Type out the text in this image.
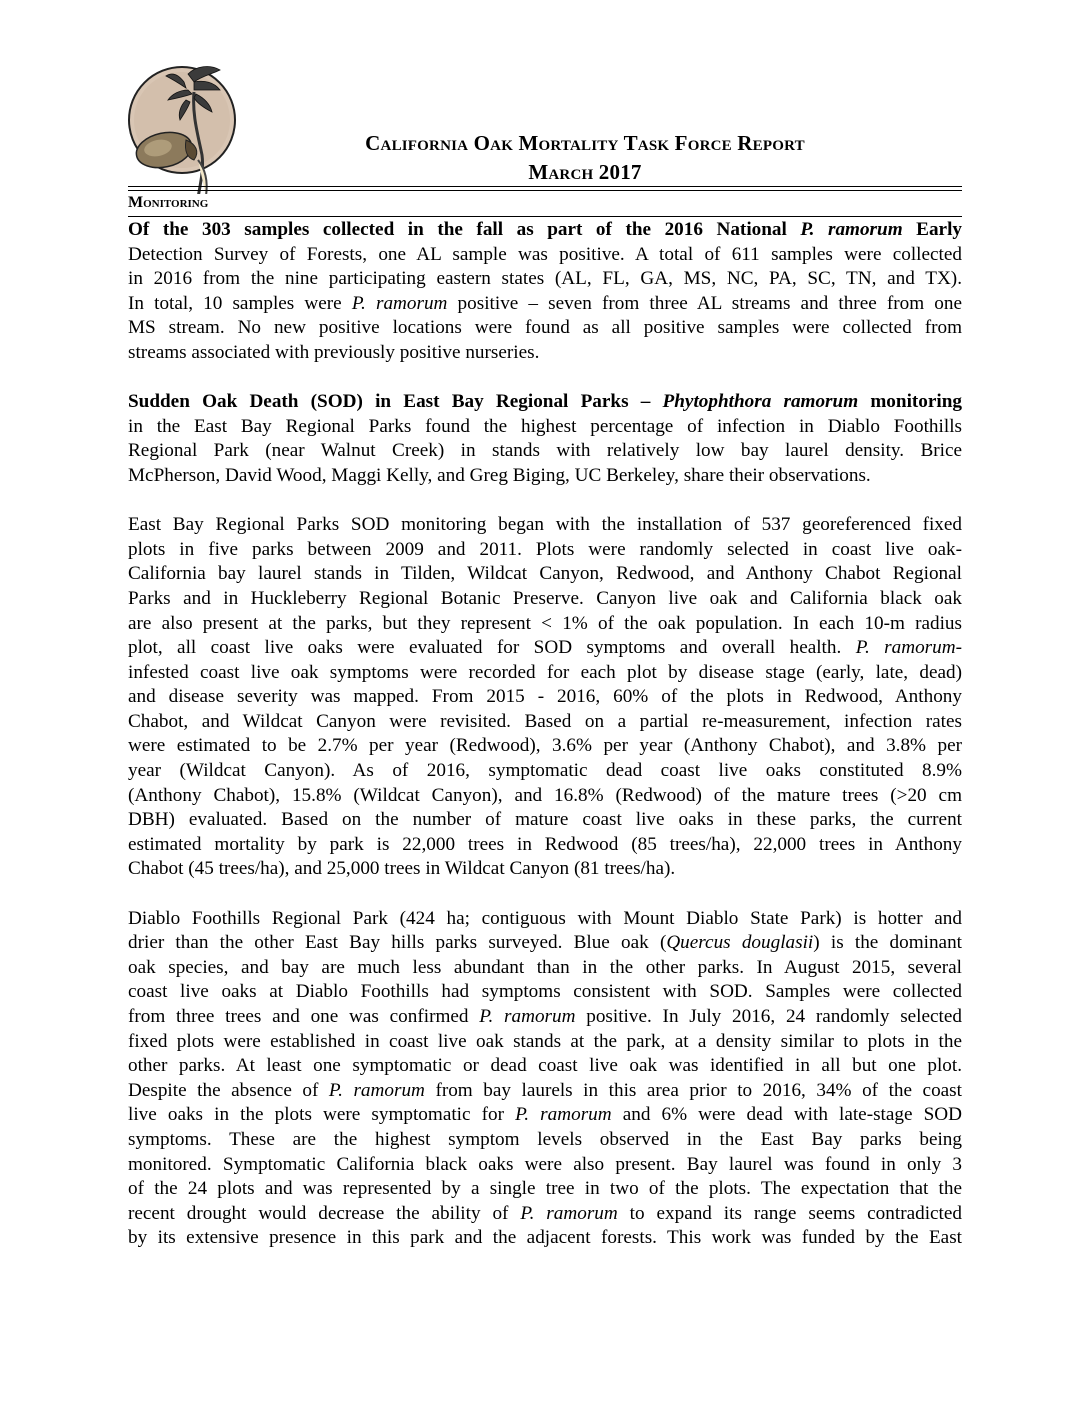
California Oak Mortality Task Force Report
March 2017
Monitoring
Of the 303 samples collected in the fall as part of the 2016 National P. ramorum Early
Detection Survey of Forests, one AL sample was positive. A total of 611 samples were collected
in 2016 from the nine participating eastern states (AL, FL, GA, MS, NC, PA, SC, TN, and TX).
In total, 10 samples were P. ramorum positive – seven from three AL streams and three from one
MS stream. No new positive locations were found as all positive samples were collected from
streams associated with previously positive nurseries.
Sudden Oak Death (SOD) in East Bay Regional Parks – Phytophthora ramorum monitoring
in the East Bay Regional Parks found the highest percentage of infection in Diablo Foothills
Regional Park (near Walnut Creek) in stands with relatively low bay laurel density. Brice
McPherson, David Wood, Maggi Kelly, and Greg Biging, UC Berkeley, share their observations.
East Bay Regional Parks SOD monitoring began with the installation of 537 georeferenced fixed
plots in five parks between 2009 and 2011. Plots were randomly selected in coast live oak-
California bay laurel stands in Tilden, Wildcat Canyon, Redwood, and Anthony Chabot Regional
Parks and in Huckleberry Regional Botanic Preserve. Canyon live oak and California black oak
are also present at the parks, but they represent < 1% of the oak population. In each 10-m radius
plot, all coast live oaks were evaluated for SOD symptoms and overall health. P. ramorum-
infested coast live oak symptoms were recorded for each plot by disease stage (early, late, dead)
and disease severity was mapped. From 2015 - 2016, 60% of the plots in Redwood, Anthony
Chabot, and Wildcat Canyon were revisited. Based on a partial re-measurement, infection rates
were estimated to be 2.7% per year (Redwood), 3.6% per year (Anthony Chabot), and 3.8% per
year (Wildcat Canyon). As of 2016, symptomatic dead coast live oaks constituted 8.9%
(Anthony Chabot), 15.8% (Wildcat Canyon), and 16.8% (Redwood) of the mature trees (>20 cm
DBH) evaluated. Based on the number of mature coast live oaks in these parks, the current
estimated mortality by park is 22,000 trees in Redwood (85 trees/ha), 22,000 trees in Anthony
Chabot (45 trees/ha), and 25,000 trees in Wildcat Canyon (81 trees/ha).
Diablo Foothills Regional Park (424 ha; contiguous with Mount Diablo State Park) is hotter and
drier than the other East Bay hills parks surveyed. Blue oak (Quercus douglasii) is the dominant
oak species, and bay are much less abundant than in the other parks. In August 2015, several
coast live oaks at Diablo Foothills had symptoms consistent with SOD. Samples were collected
from three trees and one was confirmed P. ramorum positive. In July 2016, 24 randomly selected
fixed plots were established in coast live oak stands at the park, at a density similar to plots in the
other parks. At least one symptomatic or dead coast live oak was identified in all but one plot.
Despite the absence of P. ramorum from bay laurels in this area prior to 2016, 34% of the coast
live oaks in the plots were symptomatic for P. ramorum and 6% were dead with late-stage SOD
symptoms. These are the highest symptom levels observed in the East Bay parks being
monitored. Symptomatic California black oaks were also present. Bay laurel was found in only 3
of the 24 plots and was represented by a single tree in two of the plots. The expectation that the
recent drought would decrease the ability of P. ramorum to expand its range seems contradicted
by its extensive presence in this park and the adjacent forests. This work was funded by the East
